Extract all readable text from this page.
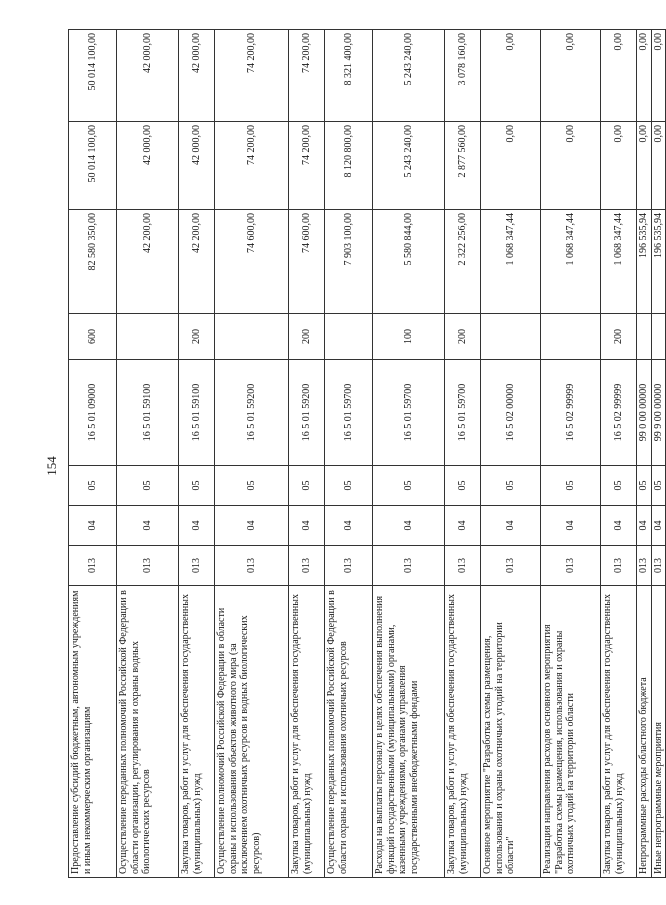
154
Предоставление субсидий бюджетным, автономным учреждениям и иным некоммерческим организациям	013	04	05	16 5 01 09000	600	82 580 350,00	50 014 100,00	50 014 100,00
Осуществление переданных полномочий Российской Федерации в области организации, регулирования и охраны водных биологических ресурсов	013	04	05	16 5 01 59100		42 200,00	42 000,00	42 000,00
Закупка товаров, работ и услуг для обеспечения государственных (муниципальных) нужд	013	04	05	16 5 01 59100	200	42 200,00	42 000,00	42 000,00
Осуществление полномочий Российской Федерации в области охраны и использования объектов животного мира (за исключением охотничьих ресурсов и водных биологических ресурсов)	013	04	05	16 5 01 59200		74 600,00	74 200,00	74 200,00
Закупка товаров, работ и услуг для обеспечения государственных (муниципальных) нужд	013	04	05	16 5 01 59200	200	74 600,00	74 200,00	74 200,00
Осуществление переданных полномочий Российской Федерации в области охраны и использования охотничьих ресурсов	013	04	05	16 5 01 59700		7 903 100,00	8 120 800,00	8 321 400,00
Расходы на выплаты персоналу в целях обеспечения выполнения функций государственными (муниципальными) органами, казенными учреждениями, органами управления государственными внебюджетными фондами	013	04	05	16 5 01 59700	100	5 580 844,00	5 243 240,00	5 243 240,00
Закупка товаров, работ и услуг для обеспечения государственных (муниципальных) нужд	013	04	05	16 5 01 59700	200	2 322 256,00	2 877 560,00	3 078 160,00
Основное мероприятие "Разработка схемы размещения, использования и охраны охотничьих угодий на территории области"	013	04	05	16 5 02 00000		1 068 347,44	0,00	0,00
Реализация направления расходов основного мероприятия "Разработка схемы размещения, использования и охраны охотничьих угодий на территории области	013	04	05	16 5 02 99999		1 068 347,44	0,00	0,00
Закупка товаров, работ и услуг для обеспечения государственных (муниципальных) нужд	013	04	05	16 5 02 99999	200	1 068 347,44	0,00	0,00
Непрограммные расходы областного бюджета	013	04	05	99 0 00 00000		196 535,94	0,00	0,00
Иные непрограммные мероприятия	013	04	05	99 9 00 00000		196 535,94	0,00	0,00
